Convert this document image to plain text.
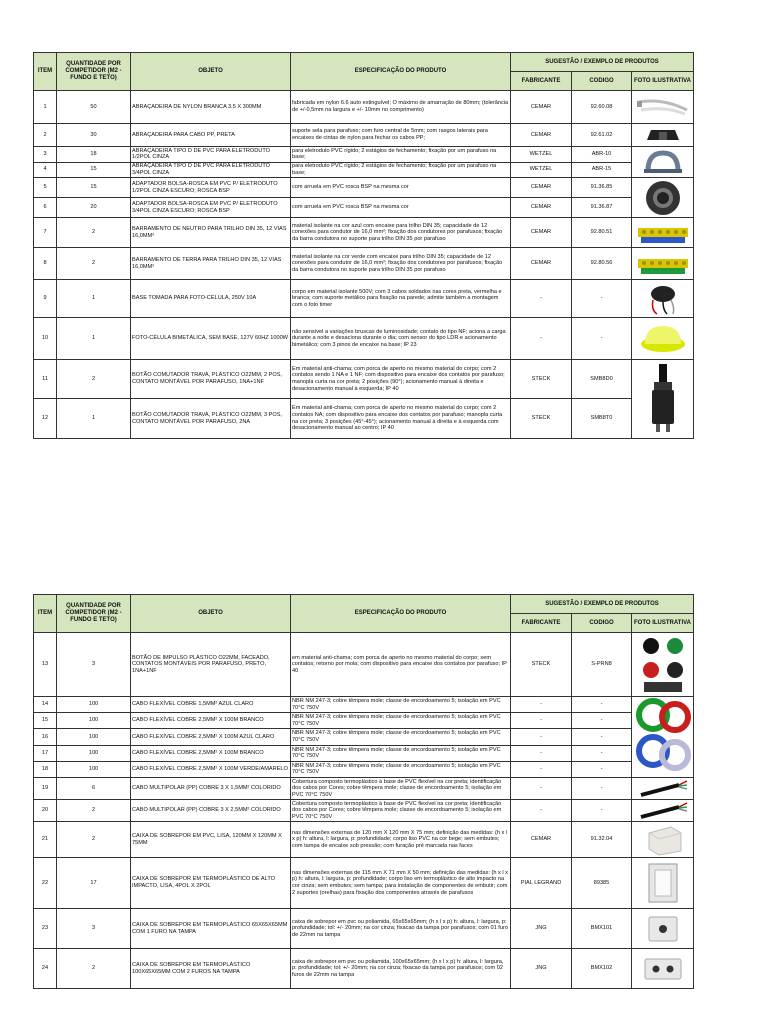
ITEM	QUANTIDADE POR COMPETIDOR (M2 - FUNDO E TETO)	OBJETO	ESPECIFICAÇÃO DO PRODUTO	SUGESTÃO / EXEMPLO DE PRODUTOS		
				FABRICANTE	CODIGO	FOTO ILUSTRATIVA
1	50	ABRAÇADEIRA DE NYLON BRANCA 3,5 X 300MM	fabricada em nylon 6.6 auto extinguível; O máximo de amarração de 80mm; (tolerância de +/-0,5mm na largura e +/- 10mm no comprimento)	CEMAR	92.60.08	

2	30	ABRAÇADEIRA PARA CABO PP, PRETA	suporte sela para parafuso; com furo central de 5mm; com rasgos laterais para encaixes de cintas de nylon para fechar os cabos PP;	CEMAR	92.61.02	

3	18	ABRAÇADEIRA TIPO D DE PVC PARA ELETRODUTO 1/2POL CINZA	para eletroduto PVC rígido; 2 estágios de fechamento; fixação por um parafuso na base;	WETZEL	ABR-10	

4	15	ABRAÇADEIRA TIPO D DE PVC PARA ELETRODUTO 3/4POL CINZA	para eletroduto PVC rígido; 2 estágios de fechamento; fixação por um parafuso na base;	WETZEL	ABR-15	
5	15	ADAPTADOR BOLSA-ROSCA EM PVC P/ ELETRODUTO 1/2POL CINZA ESCURO; ROSCA BSP	com arruela em PVC rosca BSP na mesma cor	CEMAR	91.36.85	

6	20	ADAPTADOR BOLSA-ROSCA EM PVC P/ ELETRODUTO 3/4POL CINZA ESCURO; ROSCA BSP	com arruela em PVC rosca BSP na mesma cor	CEMAR	91.36.87	
7	2	BARRAMENTO DE NEUTRO PARA TRILHO DIN 35, 12 VIAS 16,0MM²	material isolante na cor azul com encaixe para trilho DIN 35; capacidade de 12 conexões para condutor de 16,0 mm²; fixação dos condutores por parafusos; fixação da barra condutora no suporte para trilho DIN 35 por parafuso	CEMAR	92.80.51	

8	2	BARRAMENTO DE TERRA PARA TRILHO DIN 35, 12 VIAS 16,0MM²	material isolante na cor verde com encaixe para trilho DIN 35; capacidade de 12 conexões para condutor de 16,0 mm²; fixação dos condutores por parafusos; fixação da barra condutora no suporte para trilho DIN 35 por parafuso	CEMAR	92.80.56	

9	1	BASE TOMADA PARA FOTO-CÉLULA, 250V 10A	corpo em material isolante 500V; com 3 cabos soldados nas cores preta, vermelha e branca; com suporte metálico para fixação na parede; admite também a montagem com o foto timer	-	-	

10	1	FOTO-CÉLULA BIMETÁLICA, SEM BASE, 127V 60HZ 1000W	não sensível a variações bruscas de luminosidade; contato do tipo NF; aciona a carga durante a noite e desaciona durante o dia; com sensor do tipo LDR e acionamento bimetálico; com 3 pinos de encaixe na base; IP 23	-	-	

11	2	BOTÃO COMUTADOR TRAVA, PLÁSTICO O22MM, 2 POS, CONTATO MONTÁVEL POR PARAFUSO, 1NA+1NF	Em material anti-chama; com porca de aperto no mesmo material do corpo; com 2 contatos sendo 1 NA e 1 NF; com dispositivo para encaixe dos contatos por parafuso; manopla curta na cor preta; 2 posições (90°); acionamento manual à direita e desacionamento manual à esquerda; IP 40	STECK	SMB8D0	

12	1	BOTÃO COMUTADOR TRAVA, PLÁSTICO O22MM, 3 POS, CONTATO MONTÁVEL POR PARAFUSO, 2NA	Em material anti-chama; com porca de aperto no mesmo material do corpo; com 2 contatos NA; com dispositivo para encaixe dos contatos por parafuso; manopla curta na cor preta; 3 posições (45°-45°); acionamento manual à direita e à esquerda com desacionamento manual ao centro; IP 40	STECK	SMB8T0	
ITEM	QUANTIDADE POR COMPETIDOR (M2 - FUNDO E TETO)	OBJETO	ESPECIFICAÇÃO DO PRODUTO	SUGESTÃO / EXEMPLO DE PRODUTOS		
				FABRICANTE	CODIGO	FOTO ILUSTRATIVA
13	3	BOTÃO DE IMPULSO PLÁSTICO O22MM, FACEADO, CONTATOS MONTÁVEIS POR PARAFUSO, PRETO, 1NA+1NF	em material anti-chama; com porca de aperto no mesmo material do corpo; sem contatos; retorno por mola; com dispositivo para encaixe dos contatos por parafuso; IP 40	STECK	S-PRN8	

14	100	CABO FLEXÍVEL COBRE 1,5MM² AZUL CLARO	NBR NM 247-3; cobre têmpera mole; classe de encordoamento 5; isolação em PVC 70°C 750V	-	-	

15	100	CABO FLEXÍVEL COBRE 2,5MM² X 100M BRANCO	NBR NM 247-3; cobre têmpera mole; classe de encordoamento 5; isolação em PVC 70°C 750V	-	-	
16	100	CABO FLEXÍVEL COBRE 2,5MM² X 100M AZUL CLARO	NBR NM 247-3; cobre têmpera mole; classe de encordoamento 5; isolação em PVC 70°C 750V	-	-	
17	100	CABO FLEXÍVEL COBRE 2,5MM² X 100M BRANCO	NBR NM 247-3; cobre têmpera mole; classe de encordoamento 5; isolação em PVC 70°C 750V	-	-	
18	100	CABO FLEXÍVEL COBRE 2,5MM² X 100M VERDE/AMARELO	NBR NM 247-3; cobre têmpera mole; classe de encordoamento 5; isolação em PVC 70°C 750V	-	-	
19	6	CABO MULTIPOLAR (PP) COBRE 3 X 1,5MM² COLORIDO	Cobertura composto termoplástico à base de PVC flexível na cor preta; identificação dos cabos por Cores; cobre têmpera mole; classe de encordoamento 5; isolação em PVC 70°C 750V	-	-	

20	2	CABO MULTIPOLAR (PP) COBRE 3 X 2,5MM² COLORIDO	Cobertura composto termoplástico à base de PVC flexível na cor preta; identificação dos cabos por Cores; cobre têmpera mole; classe de encordoamento 5; isolação em PVC 70°C 750V	-	-	

21	2	CAIXA DE SOBREPOR EM PVC, LISA, 120MM X 120MM X 75MM	nas dimensões externas de 120 mm X 120 mm X 75 mm; definição das medidas: (h x l x p) h: altura, l: largura, p: profundidade; corpo liso PVC na cor bege; sem embutes; com tampa de encaixe sob pressão; com furação pré marcada nas faces	CEMAR	91.32.04	

22	17	CAIXA DE SOBREPOR EM TERMOPLÁSTICO DE ALTO IMPACTO, LISA, 4POL X 2POL	nas dimensões externas de 115 mm X 71 mm X 50 mm; definição das medidas: (h x l x p) h: altura, l: largura, p: profundidade; corpo liso em termoplástico de alto impacto na cor cinza; sem embutes; sem tampa; para instalação de componentes de embutir; com 2 suportes (orelhas) para fixação dos componentes através de parafusos	PIAL LEGRAND	89385	

23	3	CAIXA DE SOBREPOR EM TERMOPLÁSTICO 65X65X65MM COM 1 FURO NA TAMPA	caixa de sobrepor em pvc ou poliamida, 65x65x65mm; (h x l x p) h: altura, l: largura, p: profundidade; tol: +/- 20mm; na cor cinza; fixacao da tampa por parafusos; com 01 furo de 22mm na tampa	JNG	BMX101	

24	2	CAIXA DE SOBREPOR EM TERMOPLÁSTICO 100X65X65MM COM 2 FUROS NA TAMPA	caixa de sobrepor em pvc ou poliamida, 100x65x65mm; (h x l x p) h: altura, l: largura, p: profundidade; tol: +/- 20mm; na cor cinza; fixacao da tampa por parafusos; com 02 furos de 22mm na tampa	JNG	BMX102	
